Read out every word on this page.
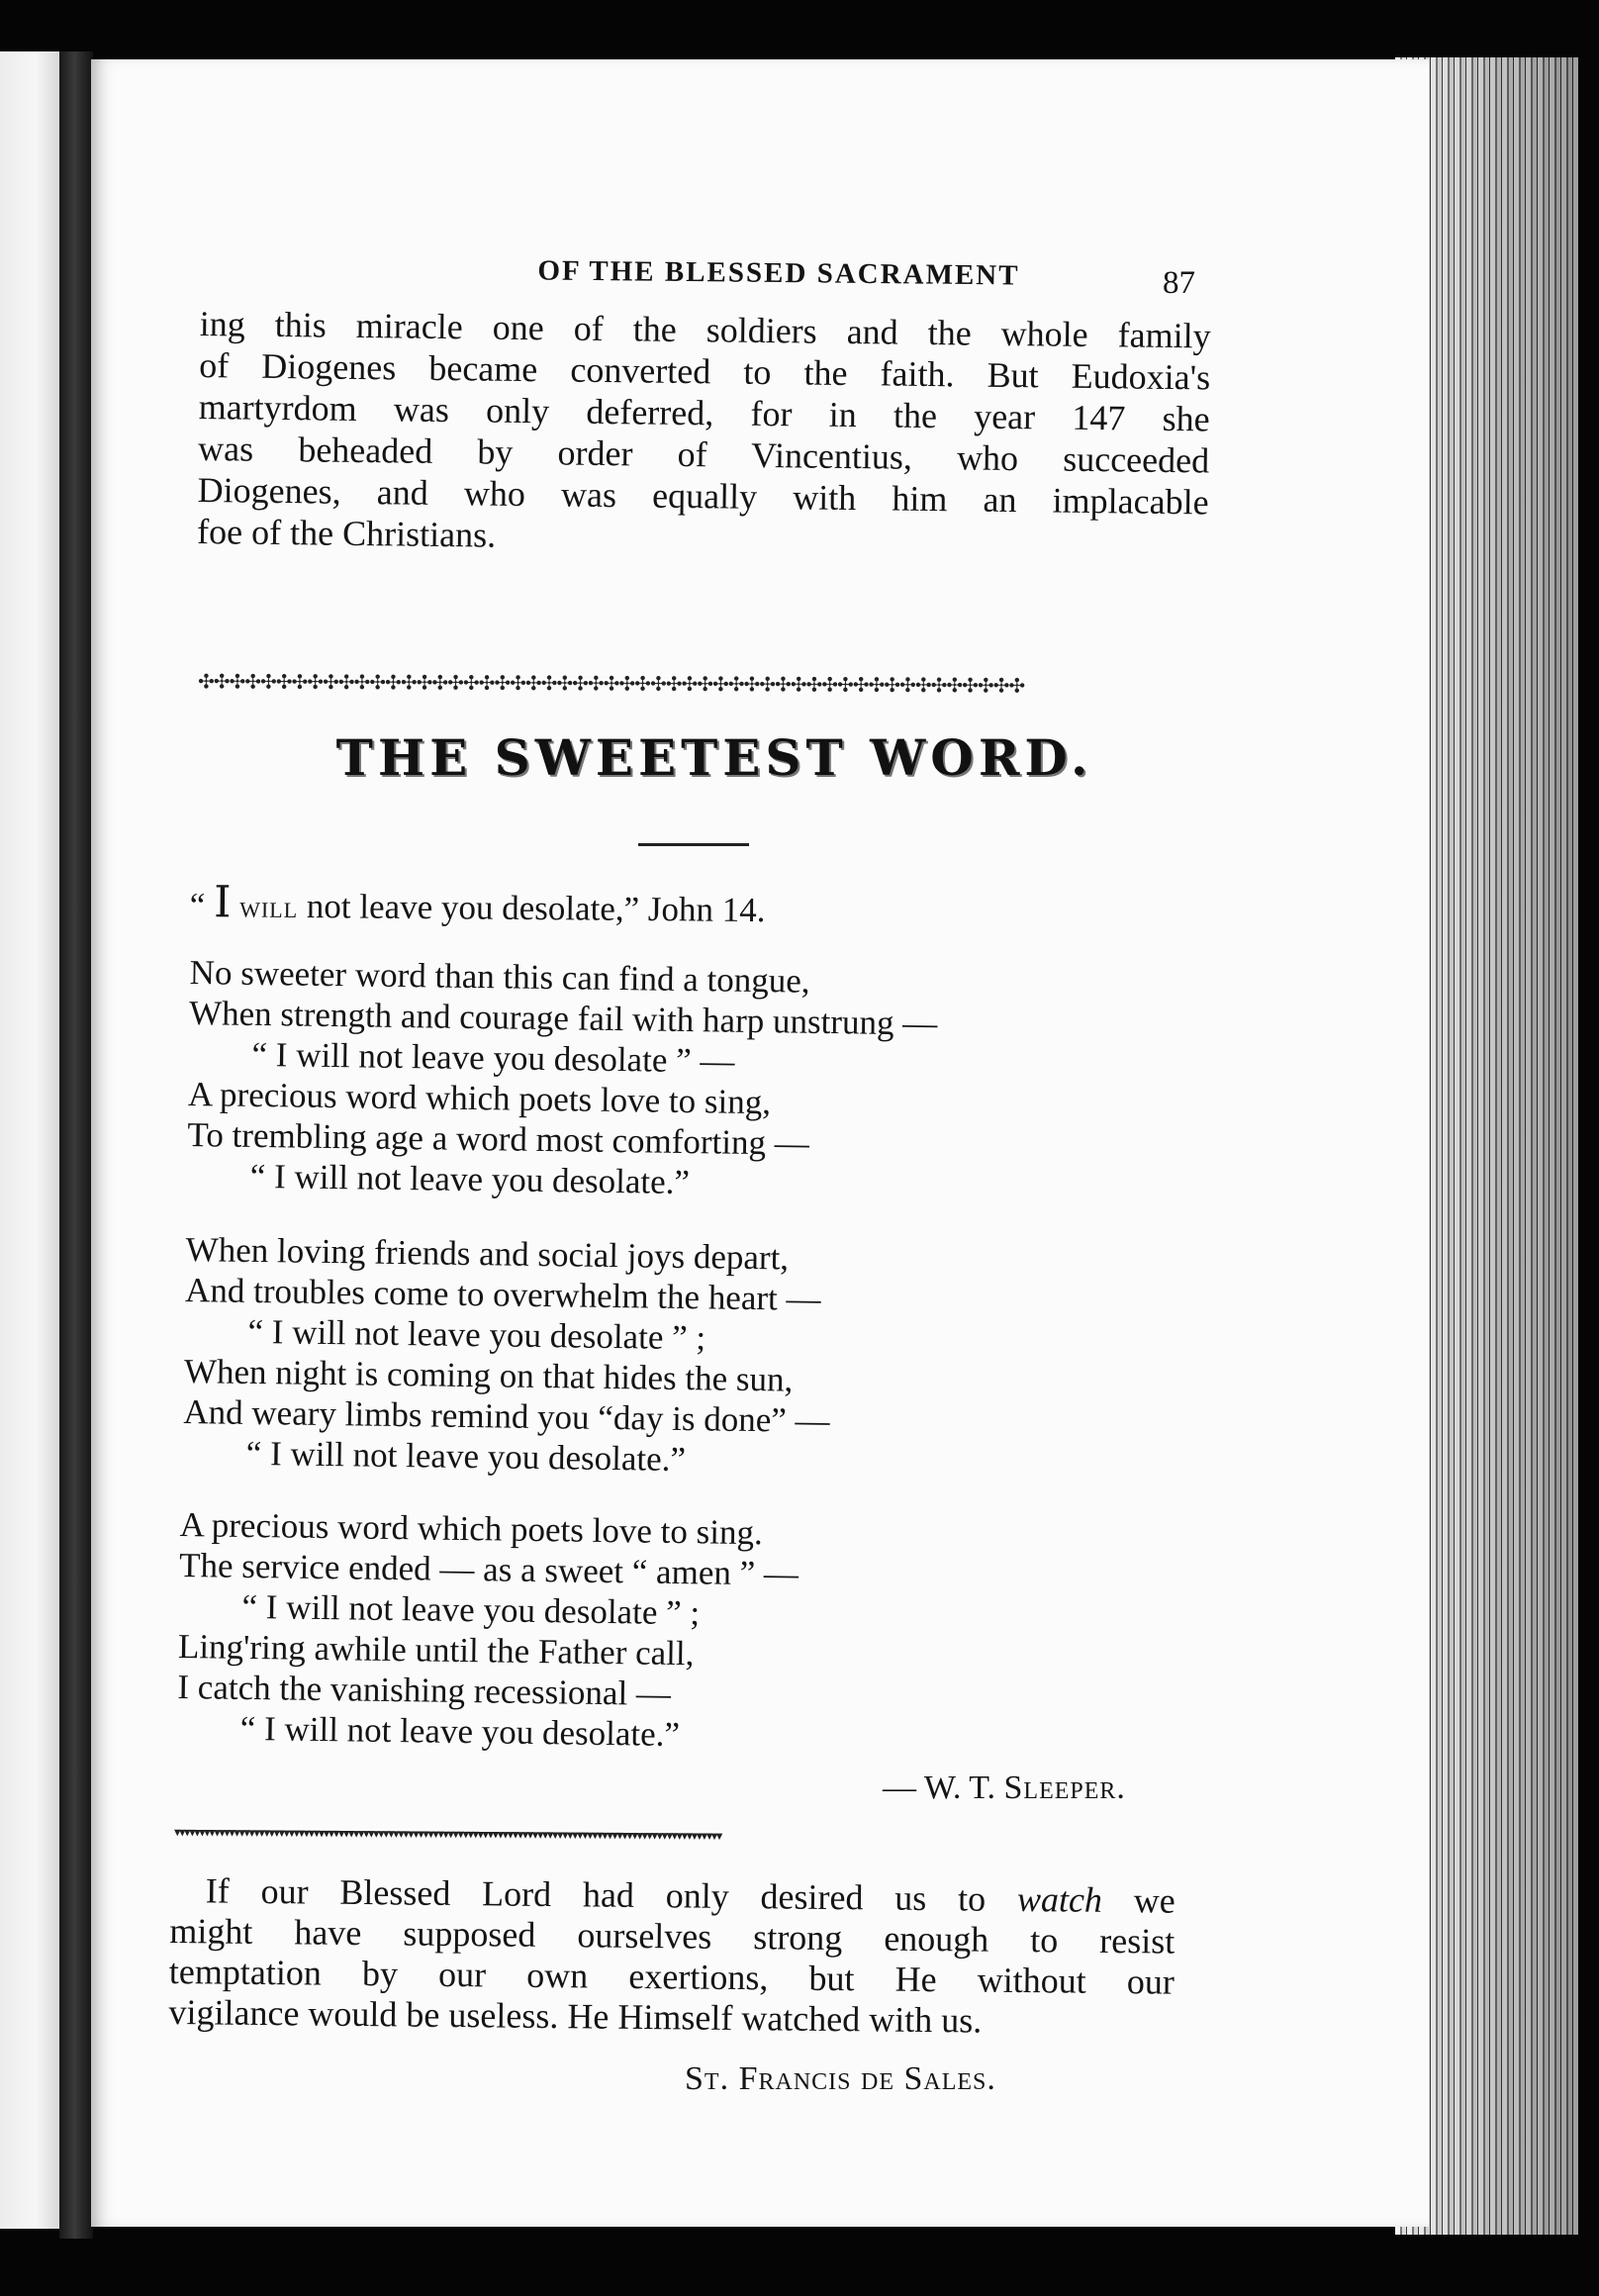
OF THE BLESSED SACRAMENT	87
ing this miracle one of the soldiers and the whole family
of Diogenes became converted to the faith. But Eudoxia's
martyrdom was only deferred, for in the year 147 she
was beheaded by order of Vincentius, who succeeded
Diogenes, and who was equally with him an implacable
foe of the Christians.
✣✣✣✣✣✣✣✣✣✣✣✣✣✣✣✣✣✣✣✣✣✣✣✣✣✣✣✣✣✣✣✣✣✣✣✣✣✣✣✣✣✣✣✣✣✣✣✣✣✣✣✣✣
THE SWEETEST WORD.
“ I will not leave you desolate,” John 14.
No sweeter word than this can find a tongue,
When strength and courage fail with harp unstrung —
“ I will not leave you desolate ” —
A precious word which poets love to sing,
To trembling age a word most comforting —
“ I will not leave you desolate.”
When loving friends and social joys depart,
And troubles come to overwhelm the heart —
“ I will not leave you desolate ” ;
When night is coming on that hides the sun,
And weary limbs remind you “day is done” —
“ I will not leave you desolate.”
A precious word which poets love to sing.
The service ended — as a sweet “ amen ” —
“ I will not leave you desolate ” ;
Ling'ring awhile until the Father call,
I catch the vanishing recessional —
“ I will not leave you desolate.”
— W. T. Sleeper.
▾▾▾▾▾▾▾▾▾▾▾▾▾▾▾▾▾▾▾▾▾▾▾▾▾▾▾▾▾▾▾▾▾▾▾▾▾▾▾▾▾▾▾▾▾▾▾▾▾▾▾▾▾▾▾▾▾▾▾▾▾▾▾▾▾▾▾▾▾▾▾▾▾▾▾▾▾▾▾▾▾▾▾▾▾▾▾▾▾▾▾▾▾▾▾▾▾▾▾▾▾▾▾▾▾▾▾▾▾▾
If our Blessed Lord had only desired us to watch we
might have supposed ourselves strong enough to resist
temptation by our own exertions, but He without our
vigilance would be useless. He Himself watched with us.
St. Francis de Sales.
